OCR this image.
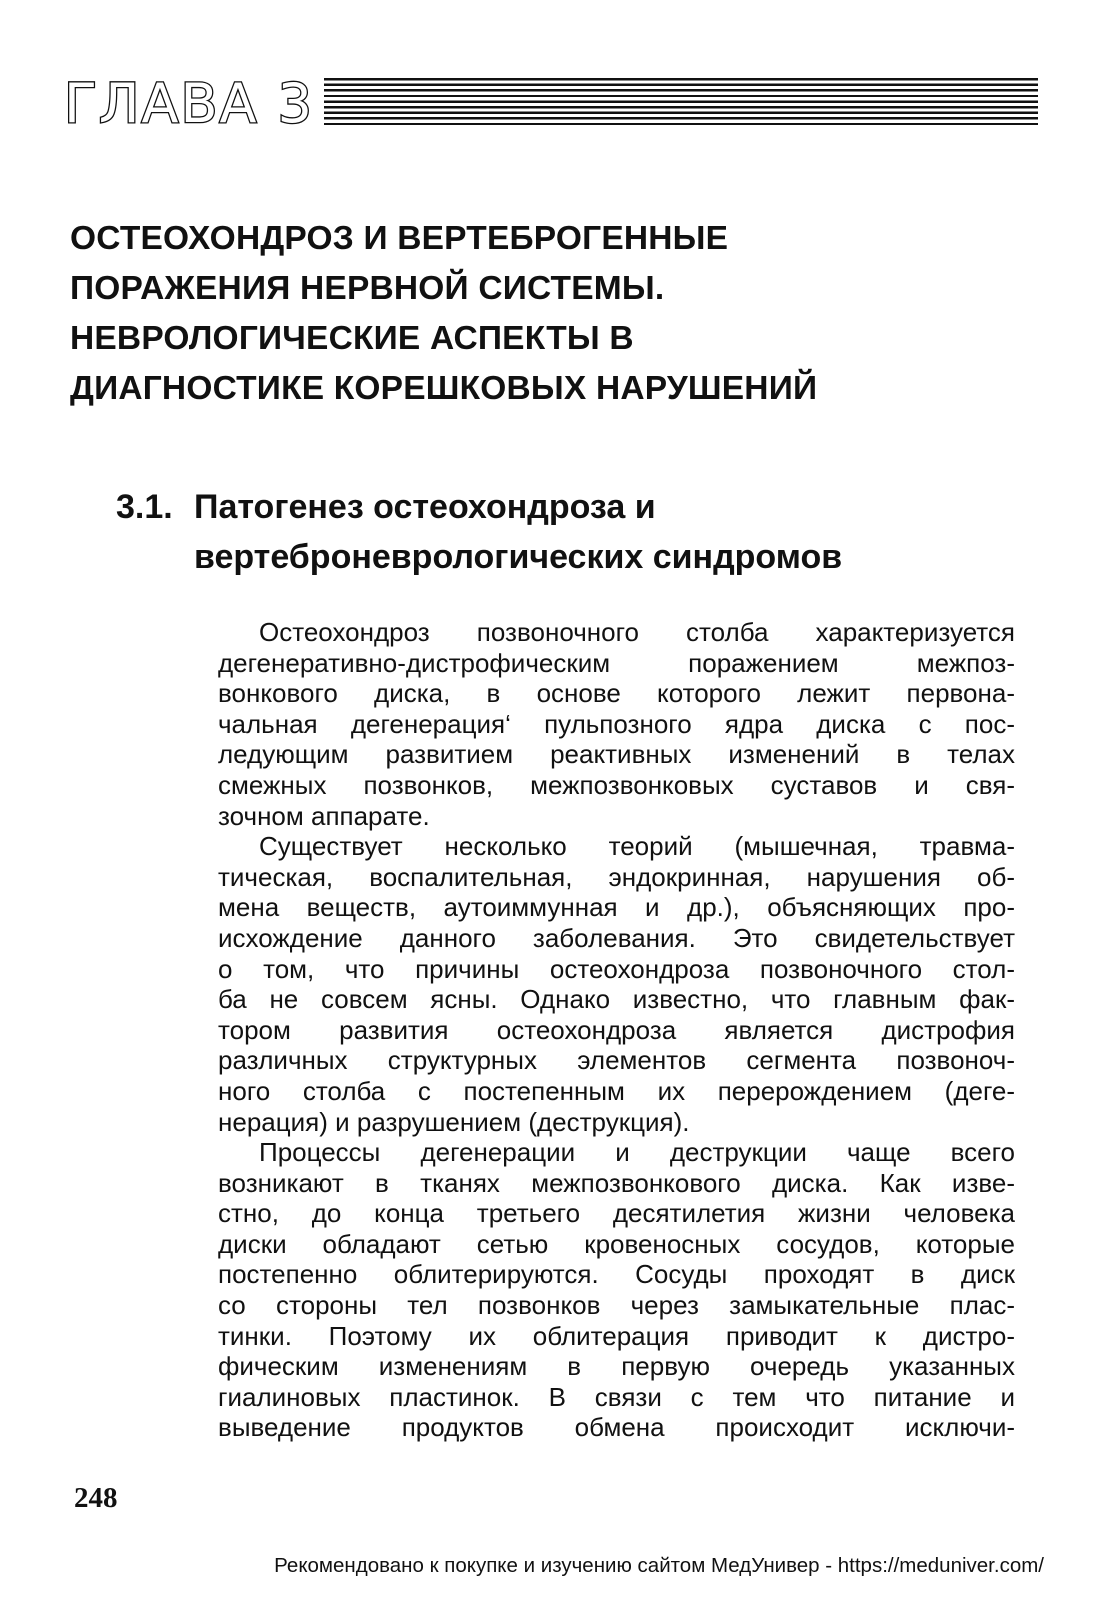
ГЛАВА 3
ОСТЕОХОНДРОЗ И ВЕРТЕБРОГЕННЫЕ
ПОРАЖЕНИЯ НЕРВНОЙ СИСТЕМЫ.
НЕВРОЛОГИЧЕСКИЕ АСПЕКТЫ В
ДИАГНОСТИКЕ КОРЕШКОВЫХ НАРУШЕНИЙ
3.1. Патогенез остеохондроза и
вертеброневрологических синдромов
Остеохондроз позвоночного столба характеризуется
дегенеративно-дистрофическим поражением межпоз-
вонкового диска, в основе которого лежит первона-
чальная дегенерация‘ пульпозного ядра диска с пос-
ледующим развитием реактивных изменений в телах
смежных позвонков, межпозвонковых суставов и свя-
зочном аппарате.
Существует несколько теорий (мышечная, травма-
тическая, воспалительная, эндокринная, нарушения об-
мена веществ, аутоиммунная и др.), объясняющих про-
исхождение данного заболевания. Это свидетельствует
о том, что причины остеохондроза позвоночного стол-
ба не совсем ясны. Однако известно, что главным фак-
тором развития остеохондроза является дистрофия
различных структурных элементов сегмента позвоноч-
ного столба с постепенным их перерождением (деге-
нерация) и разрушением (деструкция).
Процессы дегенерации и деструкции чаще всего
возникают в тканях межпозвонкового диска. Как изве-
стно, до конца третьего десятилетия жизни человека
диски обладают сетью кровеносных сосудов, которые
постепенно облитерируются. Сосуды проходят в диск
со стороны тел позвонков через замыкательные плас-
тинки. Поэтому их облитерация приводит к дистро-
фическим изменениям в первую очередь указанных
гиалиновых пластинок. В связи с тем что питание и
выведение продуктов обмена происходит исключи-
248
Рекомендовано к покупке и изучению сайтом МедУнивер - https://meduniver.com/
